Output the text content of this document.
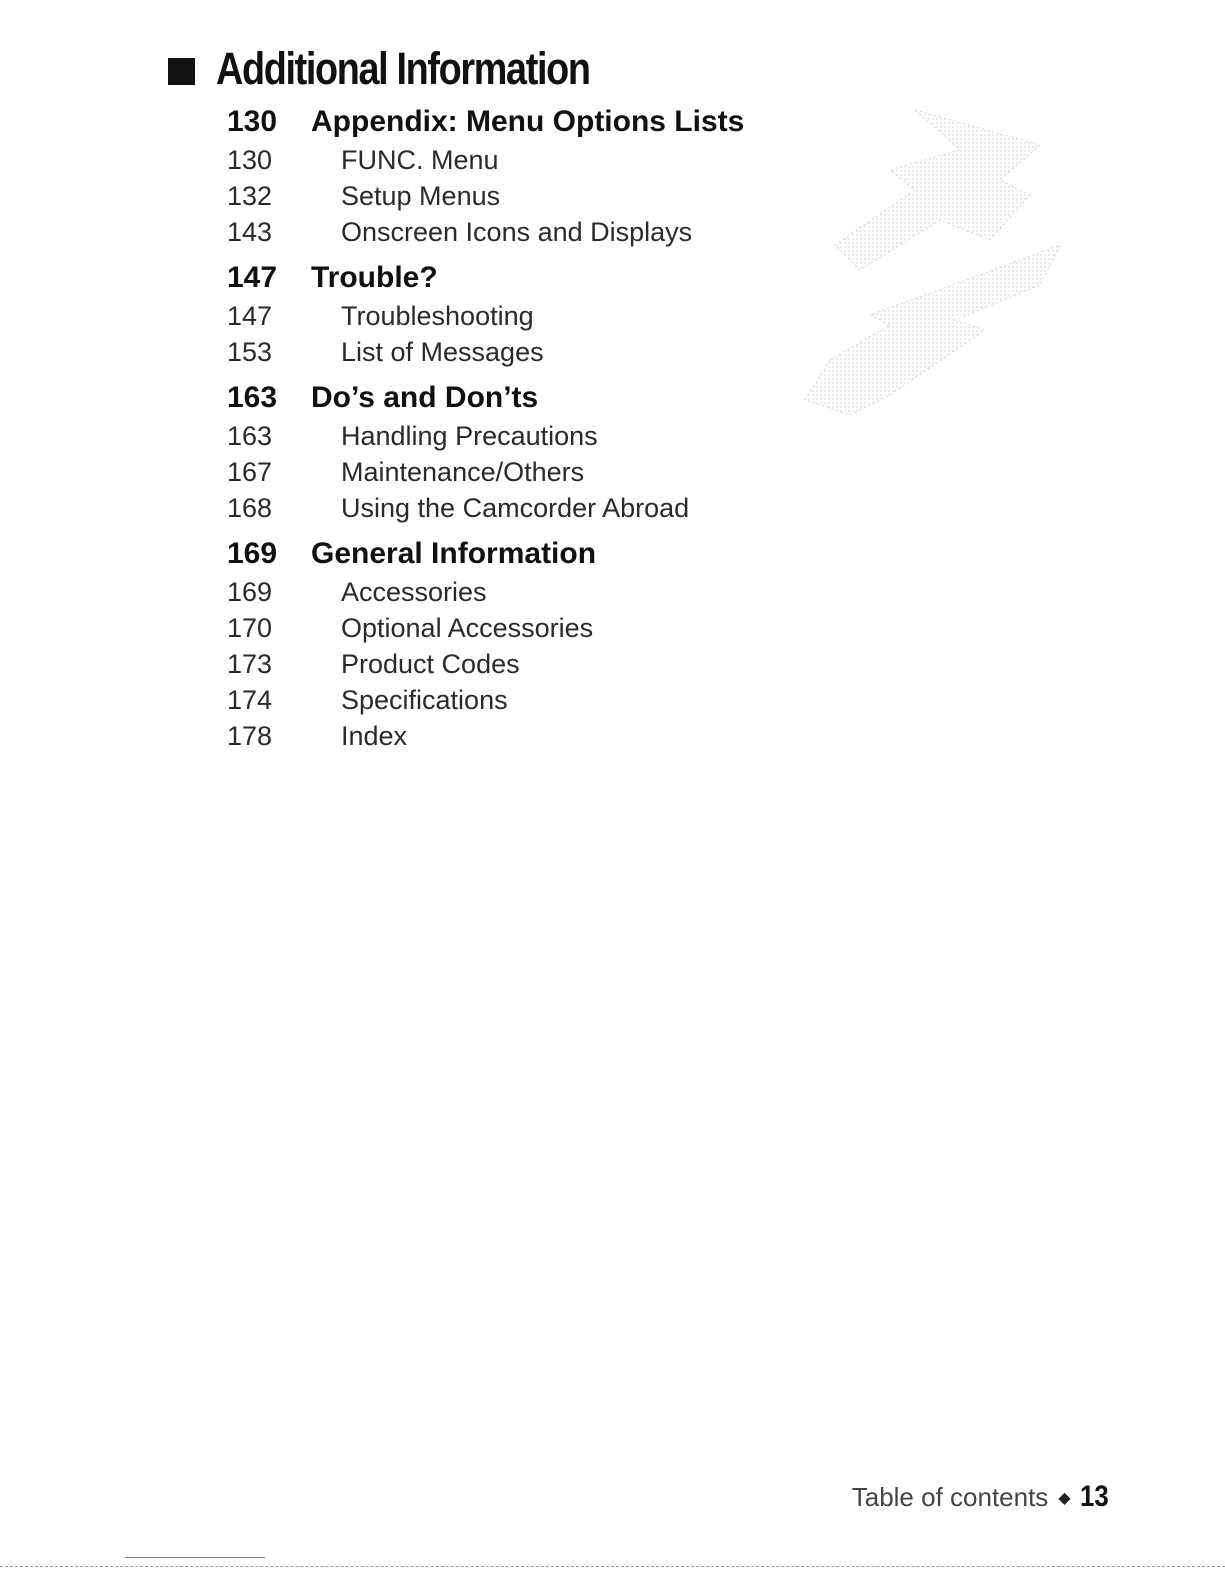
Additional Information
130	Appendix: Menu Options Lists
130	FUNC. Menu
132	Setup Menus
143	Onscreen Icons and Displays
147	Trouble?
147	Troubleshooting
153	List of Messages
163	Do’s and Don’ts
163	Handling Precautions
167	Maintenance/Others
168	Using the Camcorder Abroad
169	General Information
169	Accessories
170	Optional Accessories
173	Product Codes
174	Specifications
178	Index
Table of contents ◆ 13
